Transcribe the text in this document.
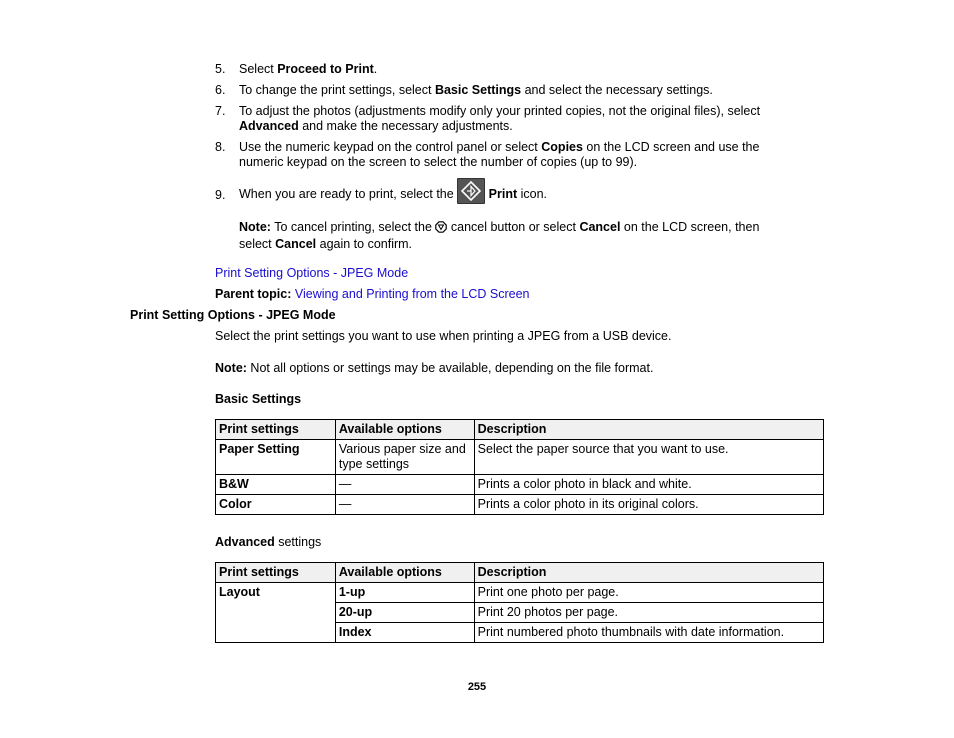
5. Select Proceed to Print.
6. To change the print settings, select Basic Settings and select the necessary settings.
7. To adjust the photos (adjustments modify only your printed copies, not the original files), select
Advanced and make the necessary adjustments.
8. Use the numeric keypad on the control panel or select Copies on the LCD screen and use the
numeric keypad on the screen to select the number of copies (up to 99).
9. When you are ready to print, select the	Print icon.
Note: To cancel printing, select the  cancel button or select Cancel on the LCD screen, then
select Cancel again to confirm.
Print Setting Options - JPEG Mode
Parent topic: Viewing and Printing from the LCD Screen
Print Setting Options - JPEG Mode
Select the print settings you want to use when printing a JPEG from a USB device.
Note: Not all options or settings may be available, depending on the file format.
Basic Settings
Print settings	Available options	Description
Paper Setting	Various paper size and type settings	Select the paper source that you want to use.
B&W	—	Prints a color photo in black and white.
Color	—	Prints a color photo in its original colors.
Advanced settings
Print settings	Available options	Description
Layout	1-up	Print one photo per page.
	20-up	Print 20 photos per page.
	Index	Print numbered photo thumbnails with date information.
255
